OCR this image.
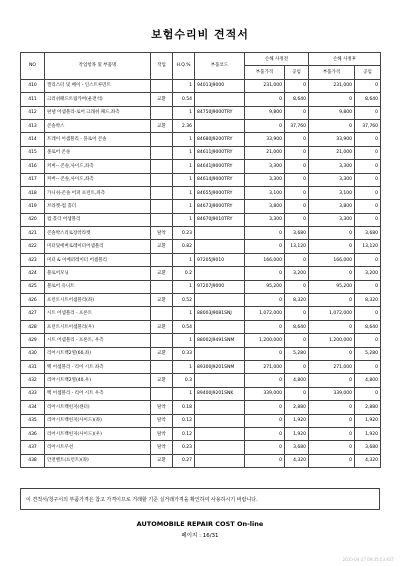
보험수리비 견적서
NO	작업항목 및 부품명	작업	H.Q.%	부품코드	손해 사정전		손해 사정후	
					부품가격	공임	부품가격	공임
410	캘리스터 및 베이 - 인스트루먼트		1	94013J9000	231,000	0	231,000	0
411	크러쉬패드트림카버(운전석)	교환	0.54		0	8,640	0	8,640
412	판넬 어셈블리-로어 크래쉬 패드,좌측		1	84750J9000TRY	9,800	0	9,800	0
413	콘솔박스	교환	2.36		0	37,760	0	37,760
414	트레이 어셈블리 - 플로어 콘솔		1	84680J9200TRY	33,900	0	33,900	0
415	몰로어 콘솔		1	84611J9000TRY	21,000	0	21,000	0
416	커버-- 콘솔,사이드,좌측		1	84641J9000TRY	3,300	0	3,300	0
417	커버-- 콘솔,사이드,좌측		1	84614J9000TRY	3,300	0	3,300	0
418	가니쉬-콘솔 어퍼 프런트,좌측		1	84655J9000TRY	3,100	0	3,100	0
419	브라켓-컵 홀더		1	84673J9000TRY	3,800	0	3,800	0
420	컵 홀더 어셈블리		1	84670J9010TRY	3,300	0	3,300	0
421	콘솔박스리로장착라켓	탈착	0.23		0	3,680	0	3,680
422	미터및에버로레이터어셈블리	교환	0.82		0	13,120	0	13,120
423	미터 & 이베퍼레이터 어셈블리		1	97205J9010	166,000	0	166,000	0
424	블로어모닝	교환	0.2		0	3,200	0	3,200
425	블로어 유니트		1	97207J9000	95,200	0	95,200	0
426	프런트시트어셈블리(좌)	교환	0.52		0	8,320	0	8,320
427	시트 어셈블리 - 프론트		1	88003J9081SNJ	1,072,000	0	1,072,000	0
428	프런트시트어셈블리(우)	교환	0.54		0	8,640	0	8,640
429	시트 어셈블리 - 프론트, 우측		1	88002J9491SNM	1,200,000	0	1,200,000	0
430	리어시트백2열(60,좌)	교환	0.33		0	5,280	0	5,280
431	백 어셈블리 - 리어 시트 좌측		1	89300J9201SNM	271,000	0	271,000	0
432	리어시트백2열(40,우)	교환	0.3		0	4,800	0	4,800
433	백 어셈블리 - 리어 시트 우측		1	89400J9201SNK	339,000	0	339,000	0
434	리어시트백힌지(센터)	탈착	0.18		0	2,880	0	2,880
435	리어시트백힌지(사이드)(좌)	탈착	0.12		0	1,920	0	1,920
436	리어시트백힌지(사이드)(우)	탈착	0.12		0	1,920	0	1,920
437	리어시트쿠션	탈착	0.23		0	3,680	0	3,680
438	안전벨트(프런트)(좌)	교환	0.27		0	4,320	0	4,320
이 견적서/청구서의 부품가격은 참고 가격이므로 거래할 기준 실거래가격을 확인하여 사용하시기 바랍니다.
AUTOMOBILE REPAIR COST On-line
페이지 : 16/31
2020-04-27 09:35:53 KST
